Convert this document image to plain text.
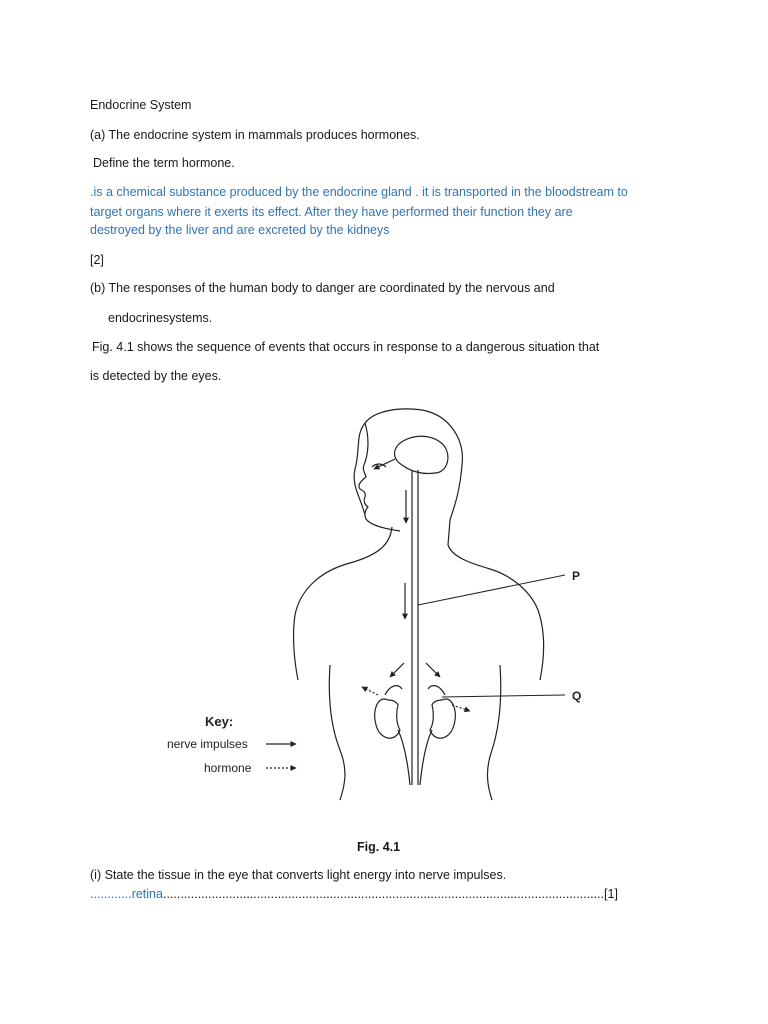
Endocrine System
(a) The endocrine system in mammals produces hormones.
Define the term hormone.
.is a chemical substance produced by the endocrine gland . it is transported in the bloodstream to
target organs where it exerts its effect. After they have performed their function they are
destroyed by the liver and are excreted by the kidneys
[2]
(b) The responses of the human body to danger are coordinated by the nervous and
endocrinesystems.
Fig. 4.1 shows the sequence of events that occurs in response to a dangerous situation that
is detected by the eyes.
P
Q
Key:
nerve impulses
hormone
Fig. 4.1
(i) State the tissue in the eye that converts light energy into nerve impulses.
............retina...............................................................................................................................[1]
